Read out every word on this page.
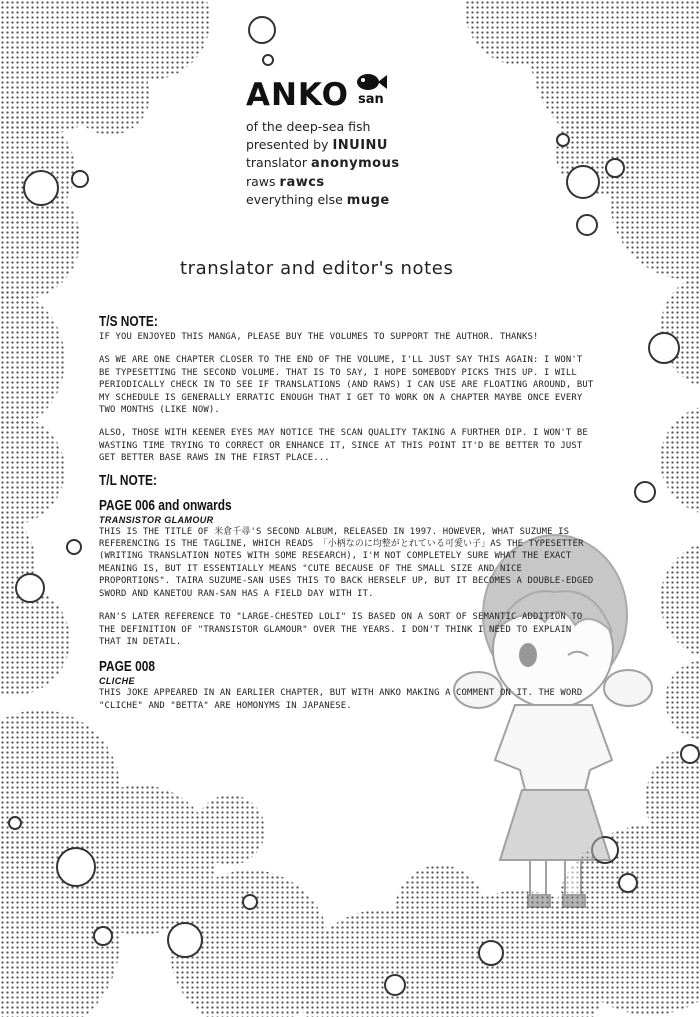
ANKO san
of the deep-sea fish
presented by INUINU
translator anonymous
raws rawcs
everything else muge
translator and editor's notes
T/S NOTE:

IF YOU ENJOYED THIS MANGA, PLEASE BUY THE VOLUMES TO SUPPORT THE AUTHOR. THANKS!

AS WE ARE ONE CHAPTER CLOSER TO THE END OF THE VOLUME, I'LL JUST SAY THIS AGAIN: I WON'T BE TYPESETTING THE SECOND VOLUME. THAT IS TO SAY, I HOPE SOMEBODY PICKS THIS UP. I WILL PERIODICALLY CHECK IN TO SEE IF TRANSLATIONS (AND RAWS) I CAN USE ARE FLOATING AROUND, BUT MY SCHEDULE IS GENERALLY ERRATIC ENOUGH THAT I GET TO WORK ON A CHAPTER MAYBE ONCE EVERY TWO MONTHS (LIKE NOW).

ALSO, THOSE WITH KEENER EYES MAY NOTICE THE SCAN QUALITY TAKING A FURTHER DIP. I WON'T BE WASTING TIME TRYING TO CORRECT OR ENHANCE IT, SINCE AT THIS POINT IT'D BE BETTER TO JUST GET BETTER BASE RAWS IN THE FIRST PLACE...

T/L NOTE:
PAGE 006 and onwards
TRANSISTOR GLAMOUR

THIS IS THE TITLE OF 米倉千尋'S SECOND ALBUM, RELEASED IN 1997. HOWEVER, WHAT SUZUME IS REFERENCING IS THE TAGLINE, WHICH READS 「小柄なのに均整がとれている可愛い子」AS THE TYPESETTER (WRITING TRANSLATION NOTES WITH SOME RESEARCH), I'M NOT COMPLETELY SURE WHAT THE EXACT MEANING IS, BUT IT ESSENTIALLY MEANS "CUTE BECAUSE OF THE SMALL SIZE AND NICE PROPORTIONS". TAIRA SUZUME-SAN USES THIS TO BACK HERSELF UP, BUT IT BECOMES A DOUBLE-EDGED SWORD AND KANETOU RAN-SAN HAS A FIELD DAY WITH IT.

RAN'S LATER REFERENCE TO "LARGE-CHESTED LOLI" IS BASED ON A SORT OF SEMANTIC ADDITION TO THE DEFINITION OF "TRANSISTOR GLAMOUR" OVER THE YEARS. I DON'T THINK I NEED TO EXPLAIN THAT IN DETAIL.

PAGE 008
CLICHE

THIS JOKE APPEARED IN AN EARLIER CHAPTER, BUT WITH ANKO MAKING A COMMENT ON IT. THE WORD "CLICHE" AND "BETTA" ARE HOMONYMS IN JAPANESE.
